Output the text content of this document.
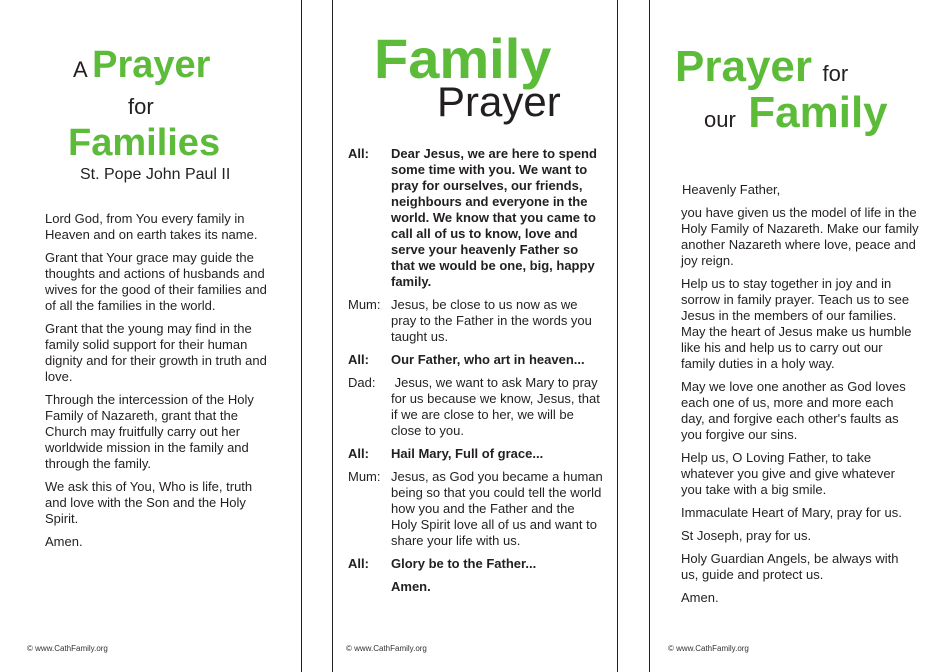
A Prayer
for
Families
St. Pope John Paul II

Lord God, from You every family in Heaven and on earth takes its name.

Grant that Your grace may guide the thoughts and actions of husbands and wives for the good of their families and of all the families in the world.

Grant that the young may find in the family solid support for their human dignity and for their growth in truth and love.

Through the intercession of the Holy Family of Nazareth, grant that the Church may fruitfully carry out her worldwide mission in the family and through the family.

We ask this of You, Who is life, truth and love with the Son and the Holy Spirit.

Amen.

© www.CathFamily.org
Family
Prayer
All:	Dear Jesus, we are here to spend some time with you. We want to pray for ourselves, our friends, neighbours and everyone in the world. We know that you came to call all of us to know, love and serve your heavenly Father so that we would be one, big, happy family.
Mum: Jesus, be close to us now as we pray to the Father in the words you taught us.
All:	Our Father, who art in heaven...
Dad:	Jesus, we want to ask Mary to pray for us because we know, Jesus, that if we are close to her, we will be close to you.
All:	Hail Mary, Full of grace...
Mum: Jesus, as God you became a human being so that you could tell the world how you and the Father and the Holy Spirit love all of us and want to share your life with us.
All:	Glory be to the Father...
Amen.
© www.CathFamily.org
Prayer for
our Family
Heavenly Father,

you have given us the model of life in the Holy Family of Nazareth. Make our family another Nazareth where love, peace and joy reign.

Help us to stay together in joy and in sorrow in family prayer. Teach us to see Jesus in the members of our families. May the heart of Jesus make us humble like his and help us to carry out our family duties in a holy way.

May we love one another as God loves each one of us, more and more each day, and forgive each other's faults as you forgive our sins.

Help us, O Loving Father, to take whatever you give and give whatever you take with a big smile.

Immaculate Heart of Mary, pray for us.

St Joseph, pray for us.

Holy Guardian Angels, be always with us, guide and protect us.

Amen.

© www.CathFamily.org
